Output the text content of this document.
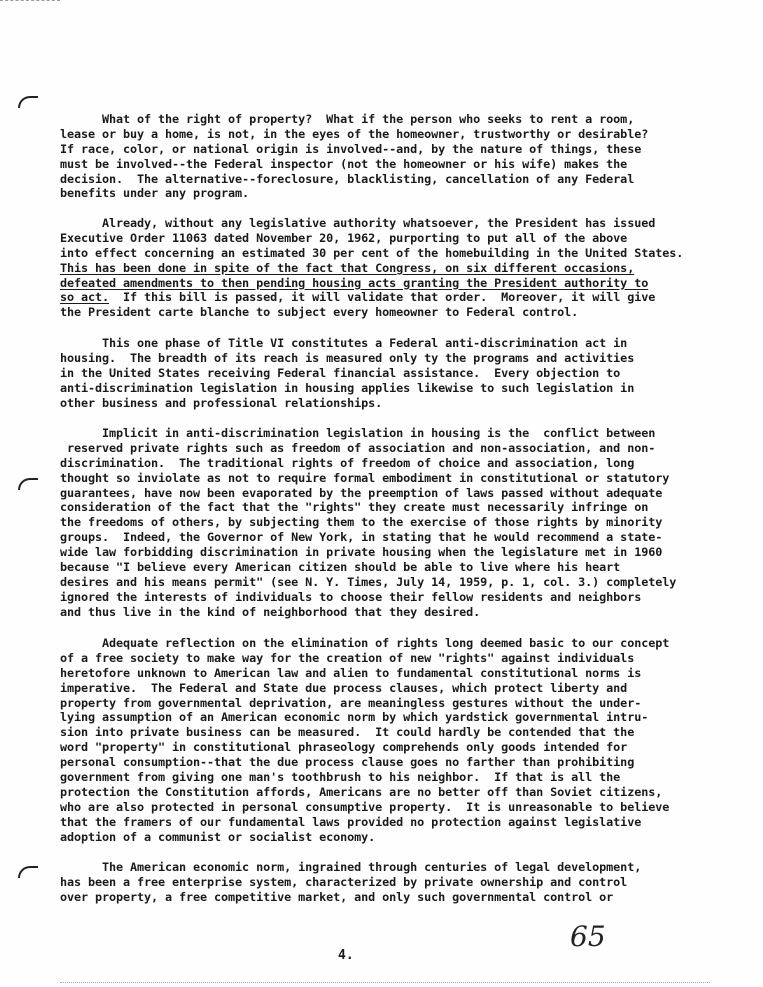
What of the right of property?  What if the person who seeks to rent a room,
lease or buy a home, is not, in the eyes of the homeowner, trustworthy or desirable?
If race, color, or national origin is involved--and, by the nature of things, these
must be involved--the Federal inspector (not the homeowner or his wife) makes the
decision.  The alternative--foreclosure, blacklisting, cancellation of any Federal
benefits under any program.
Already, without any legislative authority whatsoever, the President has issued
Executive Order 11063 dated November 20, 1962, purporting to put all of the above
into effect concerning an estimated 30 per cent of the homebuilding in the United States.
This has been done in spite of the fact that Congress, on six different occasions,
defeated amendments to then pending housing acts granting the President authority to
so act.  If this bill is passed, it will validate that order.  Moreover, it will give
the President carte blanche to subject every homeowner to Federal control.
This one phase of Title VI constitutes a Federal anti-discrimination act in
housing.  The breadth of its reach is measured only ty the programs and activities
in the United States receiving Federal financial assistance.  Every objection to
anti-discrimination legislation in housing applies likewise to such legislation in
other business and professional relationships.
Implicit in anti-discrimination legislation in housing is the  conflict between
reserved private rights such as freedom of association and non-association, and non-
discrimination.  The traditional rights of freedom of choice and association, long
thought so inviolate as not to require formal embodiment in constitutional or statutory
guarantees, have now been evaporated by the preemption of laws passed without adequate
consideration of the fact that the "rights" they create must necessarily infringe on
the freedoms of others, by subjecting them to the exercise of those rights by minority
groups.  Indeed, the Governor of New York, in stating that he would recommend a state-
wide law forbidding discrimination in private housing when the legislature met in 1960
because "I believe every American citizen should be able to live where his heart
desires and his means permit" (see N. Y. Times, July 14, 1959, p. 1, col. 3.) completely
ignored the interests of individuals to choose their fellow residents and neighbors
and thus live in the kind of neighborhood that they desired.
Adequate reflection on the elimination of rights long deemed basic to our concept
of a free society to make way for the creation of new "rights" against individuals
heretofore unknown to American law and alien to fundamental constitutional norms is
imperative.  The Federal and State due process clauses, which protect liberty and
property from governmental deprivation, are meaningless gestures without the under-
lying assumption of an American economic norm by which yardstick governmental intru-
sion into private business can be measured.  It could hardly be contended that the
word "property" in constitutional phraseology comprehends only goods intended for
personal consumption--that the due process clause goes no farther than prohibiting
government from giving one man's toothbrush to his neighbor.  If that is all the
protection the Constitution affords, Americans are no better off than Soviet citizens,
who are also protected in personal consumptive property.  It is unreasonable to believe
that the framers of our fundamental laws provided no protection against legislative
adoption of a communist or socialist economy.
The American economic norm, ingrained through centuries of legal development,
has been a free enterprise system, characterized by private ownership and control
over property, a free competitive market, and only such governmental control or
4.
65
